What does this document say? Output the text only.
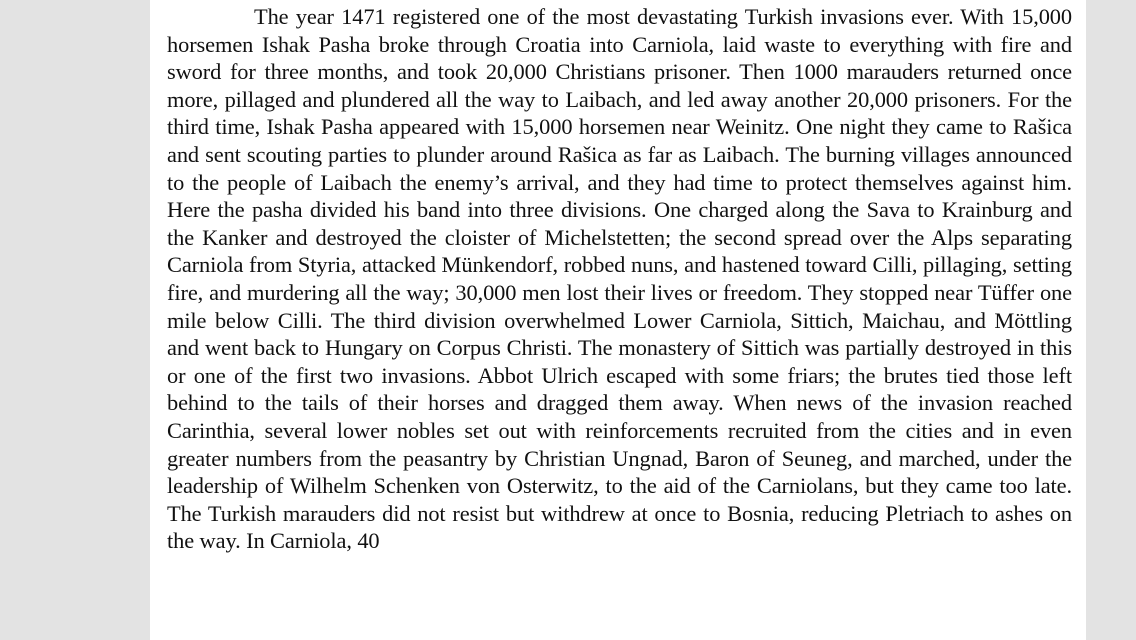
The year 1471 registered one of the most devastating Turkish invasions ever. With 15,000 horsemen Ishak Pasha broke through Croatia into Carniola, laid waste to everything with fire and sword for three months, and took 20,000 Christians prisoner. Then 1000 marauders returned once more, pillaged and plundered all the way to Laibach, and led away another 20,000 prisoners. For the third time, Ishak Pasha appeared with 15,000 horsemen near Weinitz. One night they came to Rašica and sent scouting parties to plunder around Rašica as far as Laibach. The burning villages announced to the people of Laibach the enemy’s arrival, and they had time to protect themselves against him. Here the pasha divided his band into three divisions. One charged along the Sava to Krainburg and the Kanker and destroyed the cloister of Michelstetten; the second spread over the Alps separating Carniola from Styria, attacked Münkendorf, robbed nuns, and hastened toward Cilli, pillaging, setting fire, and murdering all the way; 30,000 men lost their lives or freedom. They stopped near Tüffer one mile below Cilli. The third division overwhelmed Lower Carniola, Sittich, Maichau, and Möttling and went back to Hungary on Corpus Christi. The monastery of Sittich was partially destroyed in this or one of the first two invasions. Abbot Ulrich escaped with some friars; the brutes tied those left behind to the tails of their horses and dragged them away. When news of the invasion reached Carinthia, several lower nobles set out with reinforcements recruited from the cities and in even greater numbers from the peasantry by Christian Ungnad, Baron of Seuneg, and marched, under the leadership of Wilhelm Schenken von Osterwitz, to the aid of the Carniolans, but they came too late. The Turkish marauders did not resist but withdrew at once to Bosnia, reducing Pletriach to ashes on the way. In Carniola, 40
